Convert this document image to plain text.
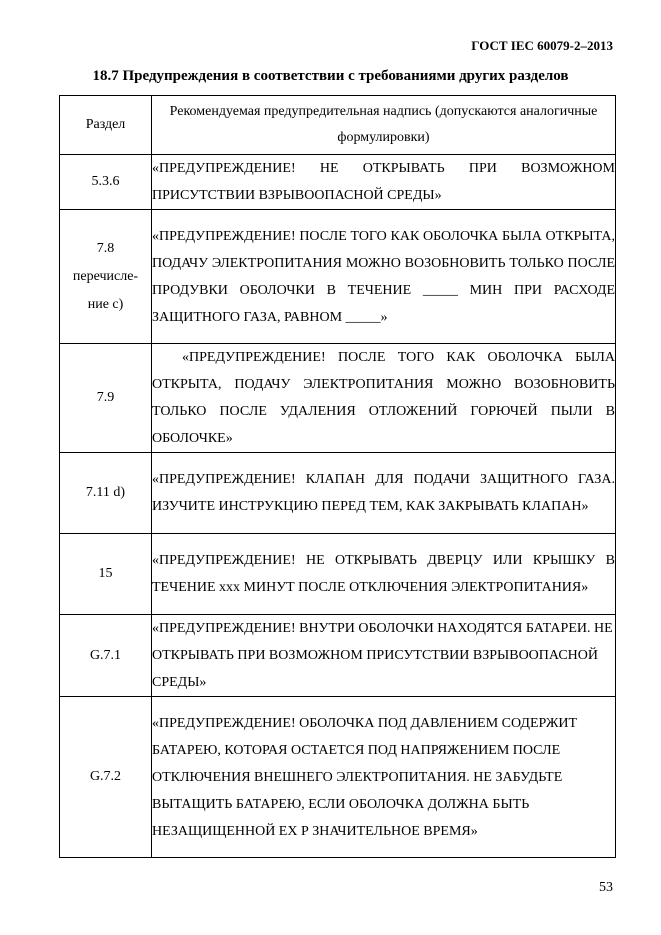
ГОСТ IEC 60079-2–2013
18.7 Предупреждения в соответствии с требованиями других разделов
Раздел	Рекомендуемая предупредительная надпись (допускаются аналогичные формулировки)
5.3.6	«ПРЕДУПРЕЖДЕНИЕ! НЕ ОТКРЫВАТЬ ПРИ ВОЗМОЖНОМ ПРИСУТСТВИИ ВЗРЫВООПАСНОЙ СРЕДЫ»
7.8 перечисле-ние с)	«ПРЕДУПРЕЖДЕНИЕ! ПОСЛЕ ТОГО КАК ОБОЛОЧКА БЫЛА ОТКРЫТА, ПОДАЧУ ЭЛЕКТРОПИТАНИЯ МОЖНО ВОЗОБНОВИТЬ ТОЛЬКО ПОСЛЕ ПРОДУВКИ ОБОЛОЧКИ В ТЕЧЕНИЕ _____ МИН ПРИ РАСХОДЕ ЗАЩИТНОГО ГАЗА, РАВНОМ _____»
7.9	«ПРЕДУПРЕЖДЕНИЕ! ПОСЛЕ ТОГО КАК ОБОЛОЧКА БЫЛА ОТКРЫТА, ПОДАЧУ ЭЛЕКТРОПИТАНИЯ МОЖНО ВОЗОБНОВИТЬ ТОЛЬКО ПОСЛЕ УДАЛЕНИЯ ОТЛОЖЕНИЙ ГОРЮЧЕЙ ПЫЛИ В ОБОЛОЧКЕ»
7.11 d)	«ПРЕДУПРЕЖДЕНИЕ! КЛАПАН ДЛЯ ПОДАЧИ ЗАЩИТНОГО ГАЗА. ИЗУЧИТЕ ИНСТРУКЦИЮ ПЕРЕД ТЕМ, КАК ЗАКРЫВАТЬ КЛАПАН»
15	«ПРЕДУПРЕЖДЕНИЕ! НЕ ОТКРЫВАТЬ ДВЕРЦУ ИЛИ КРЫШКУ В ТЕЧЕНИЕ xxx МИНУТ ПОСЛЕ ОТКЛЮЧЕНИЯ ЭЛЕКТРОПИТАНИЯ»
G.7.1	«ПРЕДУПРЕЖДЕНИЕ! ВНУТРИ ОБОЛОЧКИ НАХОДЯТСЯ БАТАРЕИ. НЕ ОТКРЫВАТЬ ПРИ ВОЗМОЖНОМ ПРИСУТСТВИИ ВЗРЫВООПАСНОЙ СРЕДЫ»
G.7.2	«ПРЕДУПРЕЖДЕНИЕ! ОБОЛОЧКА ПОД ДАВЛЕНИЕМ СОДЕРЖИТ БАТАРЕЮ, КОТОРАЯ ОСТАЕТСЯ ПОД НАПРЯЖЕНИЕМ ПОСЛЕ ОТКЛЮЧЕНИЯ ВНЕШНЕГО ЭЛЕКТРОПИТАНИЯ. НЕ ЗАБУДЬТЕ ВЫТАЩИТЬ БАТАРЕЮ, ЕСЛИ ОБОЛОЧКА ДОЛЖНА БЫТЬ НЕЗАЩИЩЕННОЙ ЕХ Р ЗНАЧИТЕЛЬНОЕ ВРЕМЯ»
53
